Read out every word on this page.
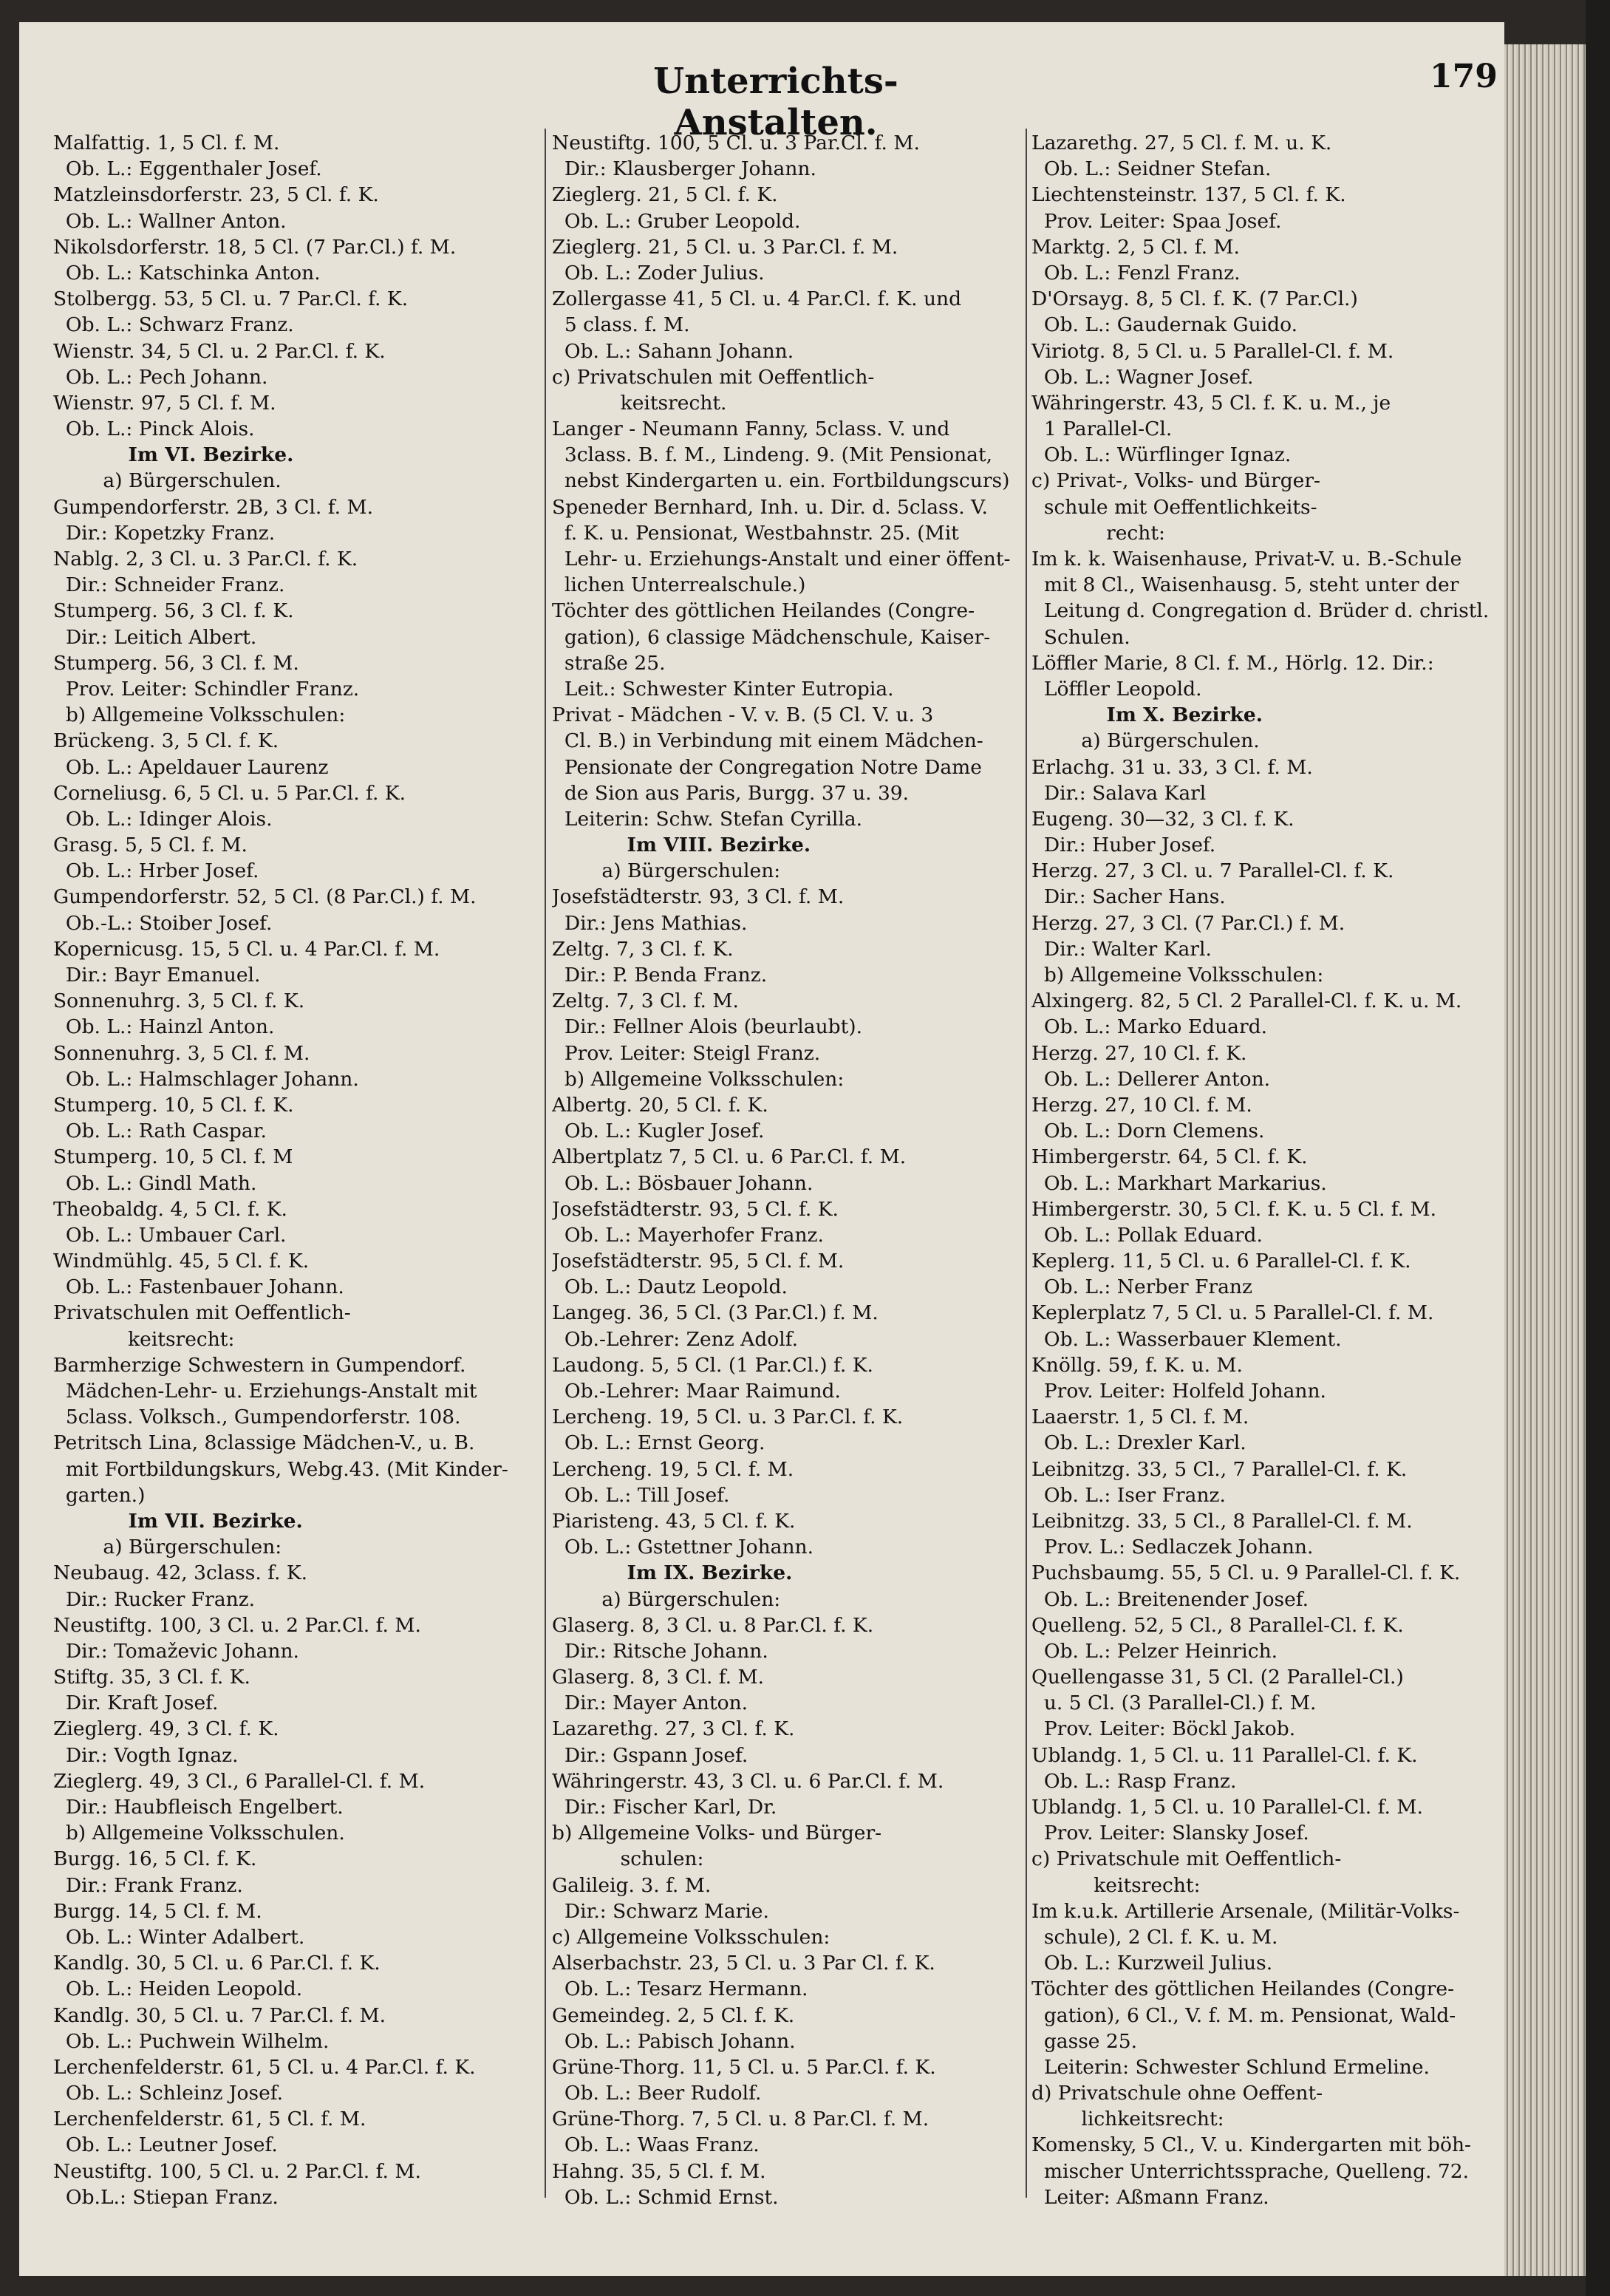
Unterrichts-Anstalten.
179
Malfattig. 1, 5 Cl. f. M.
Ob. L.: Eggenthaler Josef.
Matzleinsdorferstr. 23, 5 Cl. f. K.
Ob. L.: Wallner Anton.
Nikolsdorferstr. 18, 5 Cl. (7 Par.Cl.) f. M.
Ob. L.: Katschinka Anton.
Stolbergg. 53, 5 Cl. u. 7 Par.Cl. f. K.
Ob. L.: Schwarz Franz.
Wienstr. 34, 5 Cl. u. 2 Par.Cl. f. K.
Ob. L.: Pech Johann.
Wienstr. 97, 5 Cl. f. M.
Ob. L.: Pinck Alois.
Im VI. Bezirke.
a) Bürgerschulen.
Gumpendorferstr. 2B, 3 Cl. f. M.
Dir.: Kopetzky Franz.
Nablg. 2, 3 Cl. u. 3 Par.Cl. f. K.
Dir.: Schneider Franz.
Stumperg. 56, 3 Cl. f. K.
Dir.: Leitich Albert.
Stumperg. 56, 3 Cl. f. M.
Prov. Leiter: Schindler Franz.
b) Allgemeine Volksschulen:
Brückeng. 3, 5 Cl. f. K.
Ob. L.: Apeldauer Laurenz
Corneliusg. 6, 5 Cl. u. 5 Par.Cl. f. K.
Ob. L.: Idinger Alois.
Grasg. 5, 5 Cl. f. M.
Ob. L.: Hrber Josef.
Gumpendorferstr. 52, 5 Cl. (8 Par.Cl.) f. M.
Ob.-L.: Stoiber Josef.
Kopernicusg. 15, 5 Cl. u. 4 Par.Cl. f. M.
Dir.: Bayr Emanuel.
Sonnenuhrg. 3, 5 Cl. f. K.
Ob. L.: Hainzl Anton.
Sonnenuhrg. 3, 5 Cl. f. M.
Ob. L.: Halmschlager Johann.
Stumperg. 10, 5 Cl. f. K.
Ob. L.: Rath Caspar.
Stumperg. 10, 5 Cl. f. M
Ob. L.: Gindl Math.
Theobaldg. 4, 5 Cl. f. K.
Ob. L.: Umbauer Carl.
Windmühlg. 45, 5 Cl. f. K.
Ob. L.: Fastenbauer Johann.
Privatschulen mit Oeffentlich-
keitsrecht:
Barmherzige Schwestern in Gumpendorf.
Mädchen-Lehr- u. Erziehungs-Anstalt mit
5class. Volksch., Gumpendorferstr. 108.
Petritsch Lina, 8classige Mädchen-V., u. B.
mit Fortbildungskurs, Webg.43. (Mit Kinder-
garten.)
Im VII. Bezirke.
a) Bürgerschulen:
Neubaug. 42, 3class. f. K.
Dir.: Rucker Franz.
Neustiftg. 100, 3 Cl. u. 2 Par.Cl. f. M.
Dir.: Tomaževic Johann.
Stiftg. 35, 3 Cl. f. K.
Dir. Kraft Josef.
Zieglerg. 49, 3 Cl. f. K.
Dir.: Vogth Ignaz.
Zieglerg. 49, 3 Cl., 6 Parallel-Cl. f. M.
Dir.: Haubfleisch Engelbert.
b) Allgemeine Volksschulen.
Burgg. 16, 5 Cl. f. K.
Dir.: Frank Franz.
Burgg. 14, 5 Cl. f. M.
Ob. L.: Winter Adalbert.
Kandlg. 30, 5 Cl. u. 6 Par.Cl. f. K.
Ob. L.: Heiden Leopold.
Kandlg. 30, 5 Cl. u. 7 Par.Cl. f. M.
Ob. L.: Puchwein Wilhelm.
Lerchenfelderstr. 61, 5 Cl. u. 4 Par.Cl. f. K.
Ob. L.: Schleinz Josef.
Lerchenfelderstr. 61, 5 Cl. f. M.
Ob. L.: Leutner Josef.
Neustiftg. 100, 5 Cl. u. 2 Par.Cl. f. M.
Ob.L.: Stiepan Franz.
Neustiftg. 100, 5 Cl. u. 3 Par.Cl. f. M.
Dir.: Klausberger Johann.
Zieglerg. 21, 5 Cl. f. K.
Ob. L.: Gruber Leopold.
Zieglerg. 21, 5 Cl. u. 3 Par.Cl. f. M.
Ob. L.: Zoder Julius.
Zollergasse 41, 5 Cl. u. 4 Par.Cl. f. K. und
5 class. f. M.
Ob. L.: Sahann Johann.
c) Privatschulen mit Oeffentlich-
keitsrecht.
Langer - Neumann Fanny, 5class. V. und
3class. B. f. M., Lindeng. 9. (Mit Pensionat,
nebst Kindergarten u. ein. Fortbildungscurs)
Speneder Bernhard, Inh. u. Dir. d. 5class. V.
f. K. u. Pensionat, Westbahnstr. 25. (Mit
Lehr- u. Erziehungs-Anstalt und einer öffent-
lichen Unterrealschule.)
Töchter des göttlichen Heilandes (Congre-
gation), 6 classige Mädchenschule, Kaiser-
straße 25.
Leit.: Schwester Kinter Eutropia.
Privat - Mädchen - V. v. B. (5 Cl. V. u. 3
Cl. B.) in Verbindung mit einem Mädchen-
Pensionate der Congregation Notre Dame
de Sion aus Paris, Burgg. 37 u. 39.
Leiterin: Schw. Stefan Cyrilla.
Im VIII. Bezirke.
a) Bürgerschulen:
Josefstädterstr. 93, 3 Cl. f. M.
Dir.: Jens Mathias.
Zeltg. 7, 3 Cl. f. K.
Dir.: P. Benda Franz.
Zeltg. 7, 3 Cl. f. M.
Dir.: Fellner Alois (beurlaubt).
Prov. Leiter: Steigl Franz.
b) Allgemeine Volksschulen:
Albertg. 20, 5 Cl. f. K.
Ob. L.: Kugler Josef.
Albertplatz 7, 5 Cl. u. 6 Par.Cl. f. M.
Ob. L.: Bösbauer Johann.
Josefstädterstr. 93, 5 Cl. f. K.
Ob. L.: Mayerhofer Franz.
Josefstädterstr. 95, 5 Cl. f. M.
Ob. L.: Dautz Leopold.
Langeg. 36, 5 Cl. (3 Par.Cl.) f. M.
Ob.-Lehrer: Zenz Adolf.
Laudong. 5, 5 Cl. (1 Par.Cl.) f. K.
Ob.-Lehrer: Maar Raimund.
Lercheng. 19, 5 Cl. u. 3 Par.Cl. f. K.
Ob. L.: Ernst Georg.
Lercheng. 19, 5 Cl. f. M.
Ob. L.: Till Josef.
Piaristeng. 43, 5 Cl. f. K.
Ob. L.: Gstettner Johann.
Im IX. Bezirke.
a) Bürgerschulen:
Glaserg. 8, 3 Cl. u. 8 Par.Cl. f. K.
Dir.: Ritsche Johann.
Glaserg. 8, 3 Cl. f. M.
Dir.: Mayer Anton.
Lazarethg. 27, 3 Cl. f. K.
Dir.: Gspann Josef.
Währingerstr. 43, 3 Cl. u. 6 Par.Cl. f. M.
Dir.: Fischer Karl, Dr.
b) Allgemeine Volks- und Bürger-
schulen:
Galileig. 3. f. M.
Dir.: Schwarz Marie.
c) Allgemeine Volksschulen:
Alserbachstr. 23, 5 Cl. u. 3 Par Cl. f. K.
Ob. L.: Tesarz Hermann.
Gemeindeg. 2, 5 Cl. f. K.
Ob. L.: Pabisch Johann.
Grüne-Thorg. 11, 5 Cl. u. 5 Par.Cl. f. K.
Ob. L.: Beer Rudolf.
Grüne-Thorg. 7, 5 Cl. u. 8 Par.Cl. f. M.
Ob. L.: Waas Franz.
Hahng. 35, 5 Cl. f. M.
Ob. L.: Schmid Ernst.
Lazarethg. 27, 5 Cl. f. M. u. K.
Ob. L.: Seidner Stefan.
Liechtensteinstr. 137, 5 Cl. f. K.
Prov. Leiter: Spaa Josef.
Marktg. 2, 5 Cl. f. M.
Ob. L.: Fenzl Franz.
D'Orsayg. 8, 5 Cl. f. K. (7 Par.Cl.)
Ob. L.: Gaudernak Guido.
Viriotg. 8, 5 Cl. u. 5 Parallel-Cl. f. M.
Ob. L.: Wagner Josef.
Währingerstr. 43, 5 Cl. f. K. u. M., je
1 Parallel-Cl.
Ob. L.: Würflinger Ignaz.
c) Privat-, Volks- und Bürger-
schule mit Oeffentlichkeits-
recht:
Im k. k. Waisenhause, Privat-V. u. B.-Schule
mit 8 Cl., Waisenhausg. 5, steht unter der
Leitung d. Congregation d. Brüder d. christl.
Schulen.
Löffler Marie, 8 Cl. f. M., Hörlg. 12. Dir.:
Löffler Leopold.
Im X. Bezirke.
a) Bürgerschulen.
Erlachg. 31 u. 33, 3 Cl. f. M.
Dir.: Salava Karl
Eugeng. 30—32, 3 Cl. f. K.
Dir.: Huber Josef.
Herzg. 27, 3 Cl. u. 7 Parallel-Cl. f. K.
Dir.: Sacher Hans.
Herzg. 27, 3 Cl. (7 Par.Cl.) f. M.
Dir.: Walter Karl.
b) Allgemeine Volksschulen:
Alxingerg. 82, 5 Cl. 2 Parallel-Cl. f. K. u. M.
Ob. L.: Marko Eduard.
Herzg. 27, 10 Cl. f. K.
Ob. L.: Dellerer Anton.
Herzg. 27, 10 Cl. f. M.
Ob. L.: Dorn Clemens.
Himbergerstr. 64, 5 Cl. f. K.
Ob. L.: Markhart Markarius.
Himbergerstr. 30, 5 Cl. f. K. u. 5 Cl. f. M.
Ob. L.: Pollak Eduard.
Keplerg. 11, 5 Cl. u. 6 Parallel-Cl. f. K.
Ob. L.: Nerber Franz
Keplerplatz 7, 5 Cl. u. 5 Parallel-Cl. f. M.
Ob. L.: Wasserbauer Klement.
Knöllg. 59, f. K. u. M.
Prov. Leiter: Holfeld Johann.
Laaerstr. 1, 5 Cl. f. M.
Ob. L.: Drexler Karl.
Leibnitzg. 33, 5 Cl., 7 Parallel-Cl. f. K.
Ob. L.: Iser Franz.
Leibnitzg. 33, 5 Cl., 8 Parallel-Cl. f. M.
Prov. L.: Sedlaczek Johann.
Puchsbaumg. 55, 5 Cl. u. 9 Parallel-Cl. f. K.
Ob. L.: Breitenender Josef.
Quelleng. 52, 5 Cl., 8 Parallel-Cl. f. K.
Ob. L.: Pelzer Heinrich.
Quellengasse 31, 5 Cl. (2 Parallel-Cl.)
u. 5 Cl. (3 Parallel-Cl.) f. M.
Prov. Leiter: Böckl Jakob.
Ublandg. 1, 5 Cl. u. 11 Parallel-Cl. f. K.
Ob. L.: Rasp Franz.
Ublandg. 1, 5 Cl. u. 10 Parallel-Cl. f. M.
Prov. Leiter: Slansky Josef.
c) Privatschule mit Oeffentlich-
keitsrecht:
Im k.u.k. Artillerie Arsenale, (Militär-Volks-
schule), 2 Cl. f. K. u. M.
Ob. L.: Kurzweil Julius.
Töchter des göttlichen Heilandes (Congre-
gation), 6 Cl., V. f. M. m. Pensionat, Wald-
gasse 25.
Leiterin: Schwester Schlund Ermeline.
d) Privatschule ohne Oeffent-
lichkeitsrecht:
Komensky, 5 Cl., V. u. Kindergarten mit böh-
mischer Unterrichtssprache, Quelleng. 72.
Leiter: Aßmann Franz.
